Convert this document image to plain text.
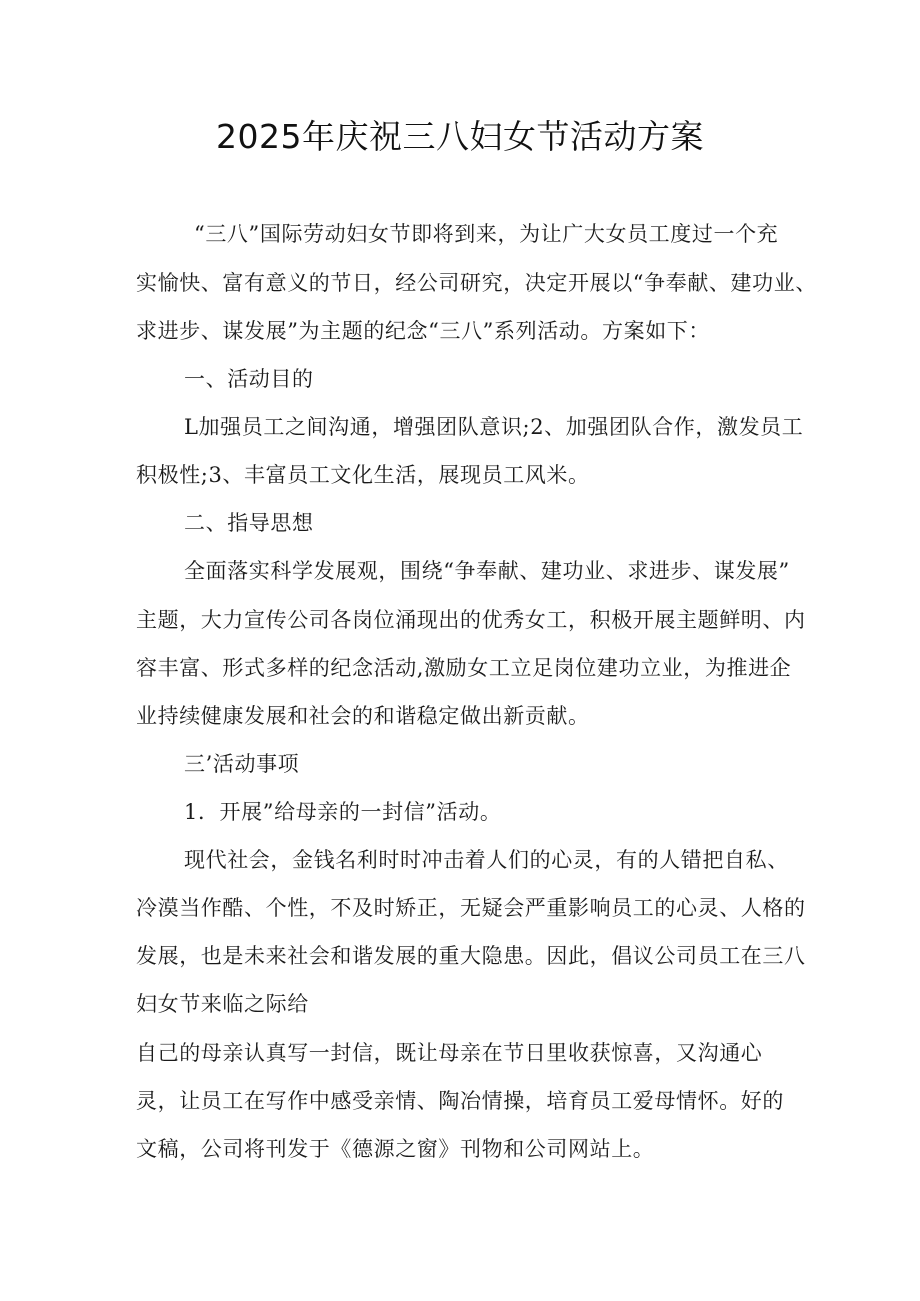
2025年庆祝三八妇女节活动方案
“三八”国际劳动妇女节即将到来，为让广大女员工度过一个充
实愉快、富有意义的节日，经公司研究，决定开展以“争奉献、建功业、
求进步、谋发展”为主题的纪念“三八”系列活动。方案如下：
一、活动目的
L加强员工之间沟通，增强团队意识;2、加强团队合作，激发员工
积极性;3、丰富员工文化生活，展现员工风米。
二、指导思想
全面落实科学发展观，围绕“争奉献、建功业、求进步、谋发展”
主题，大力宣传公司各岗位涌现出的优秀女工，积极开展主题鲜明、内
容丰富、形式多样的纪念活动,激励女工立足岗位建功立业，为推进企
业持续健康发展和社会的和谐稳定做出新贡献。
三’活动事项
1．开展”给母亲的一封信”活动。
现代社会，金钱名利时时冲击着人们的心灵，有的人错把自私、
冷漠当作酷、个性，不及时矫正，无疑会严重影响员工的心灵、人格的
发展，也是未来社会和谐发展的重大隐患。因此，倡议公司员工在三八
妇女节来临之际给
自己的母亲认真写一封信，既让母亲在节日里收获惊喜，又沟通心
灵，让员工在写作中感受亲情、陶冶情操，培育员工爱母情怀。好的
文稿，公司将刊发于《德源之窗》刊物和公司网站上。
